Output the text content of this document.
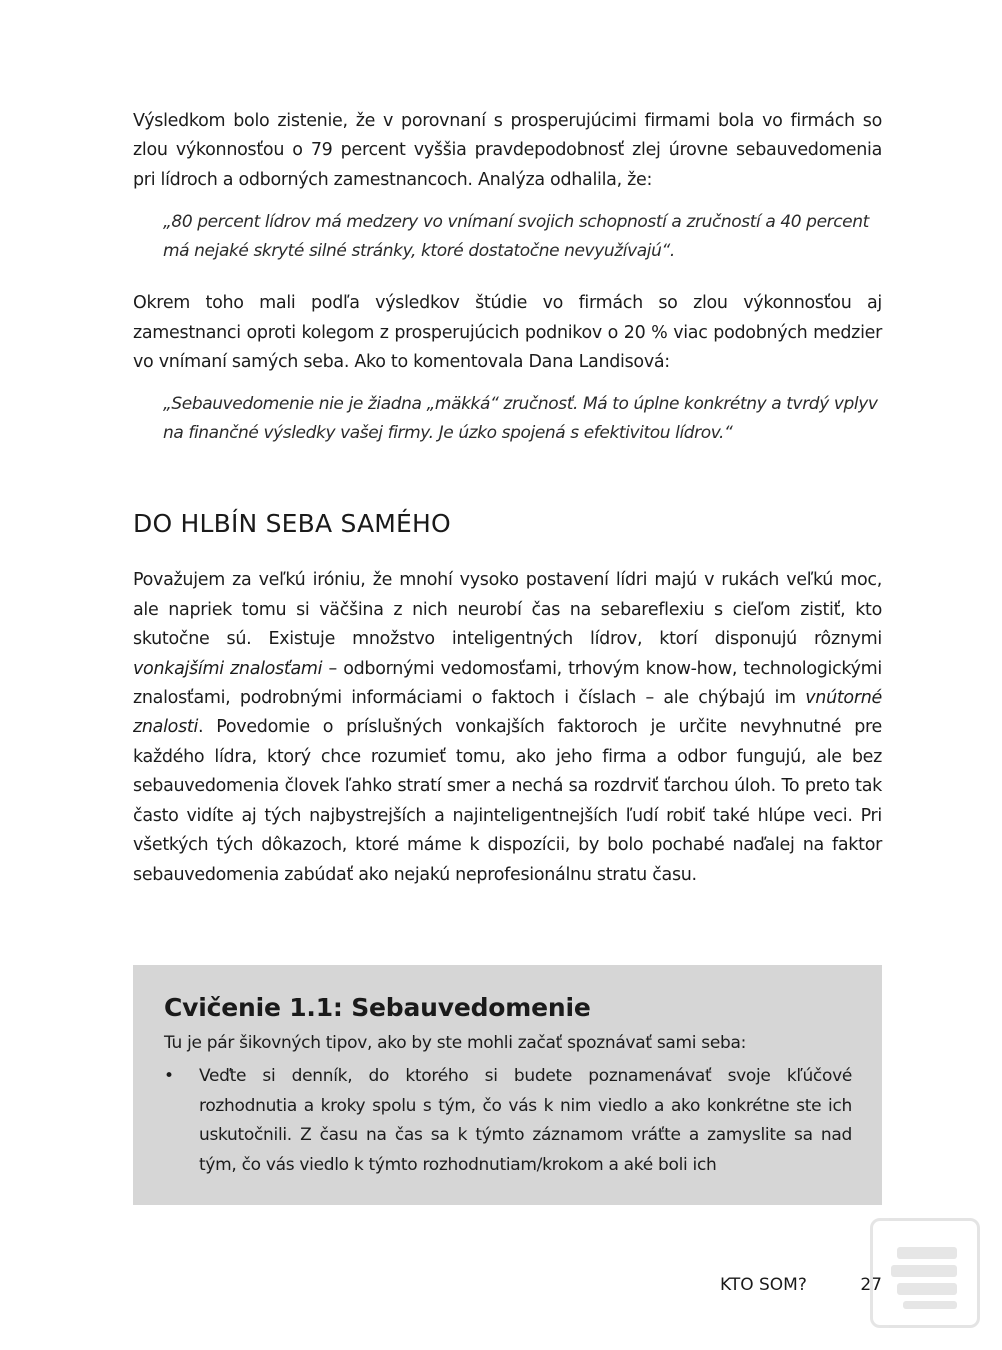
Výsledkom bolo zistenie, že v porovnaní s prosperujúcimi firmami bola vo firmách so zlou výkonnosťou o 79 percent vyššia pravdepodobnosť zlej úrovne sebauvedomenia pri lídroch a odborných zamestnancoch. Analýza odhalila, že:

„80 percent lídrov má medzery vo vnímaní svojich schopností a zručností a 40 percent má nejaké skryté silné stránky, ktoré dostatočne nevyužívajú“.

Okrem toho mali podľa výsledkov štúdie vo firmách so zlou výkonnosťou aj zamestnanci oproti kolegom z prosperujúcich podnikov o 20 % viac podobných medzier vo vnímaní samých seba. Ako to komentovala Dana Landisová:

„Sebauvedomenie nie je žiadna „mäkká“ zručnosť. Má to úplne konkrétny a tvrdý vplyv na finančné výsledky vašej firmy. Je úzko spojená s efektivitou lídrov.“

DO HLBÍN SEBA SAMÉHO

Považujem za veľkú iróniu, že mnohí vysoko postavení lídri majú v rukách veľkú moc, ale napriek tomu si väčšina z nich neurobí čas na sebareflexiu s cieľom zistiť, kto skutočne sú. Existuje množstvo inteligentných lídrov, ktorí disponujú rôznymi vonkajšími znalosťami – odbornými vedomosťami, trhovým know-how, technologickými znalosťami, podrobnými informáciami o faktoch i číslach – ale chýbajú im vnútorné znalosti. Povedomie o príslušných vonkajších faktoroch je určite nevyhnutné pre každého lídra, ktorý chce rozumieť tomu, ako jeho firma a odbor fungujú, ale bez sebauvedomenia človek ľahko stratí smer a nechá sa rozdrviť ťarchou úloh. To preto tak často vidíte aj tých najbystrejších a najinteligentnejších ľudí robiť také hlúpe veci. Pri všetkých tých dôkazoch, ktoré máme k dispozícii, by bolo pochabé naďalej na faktor sebauvedomenia zabúdať ako nejakú neprofesionálnu stratu času.

Cvičenie 1.1: Sebauvedomenie

Tu je pár šikovných tipov, ako by ste mohli začať spoznávať sami seba:

•	Veďte si denník, do ktorého si budete poznamenávať svoje kľúčové rozhodnutia a kroky spolu s tým, čo vás k nim viedlo a ako konkrétne ste ich uskutočnili. Z času na čas sa k týmto záznamom vráťte a zamyslite sa nad tým, čo vás viedlo k týmto rozhodnutiam/krokom a aké boli ich
KTO SOM?	27
